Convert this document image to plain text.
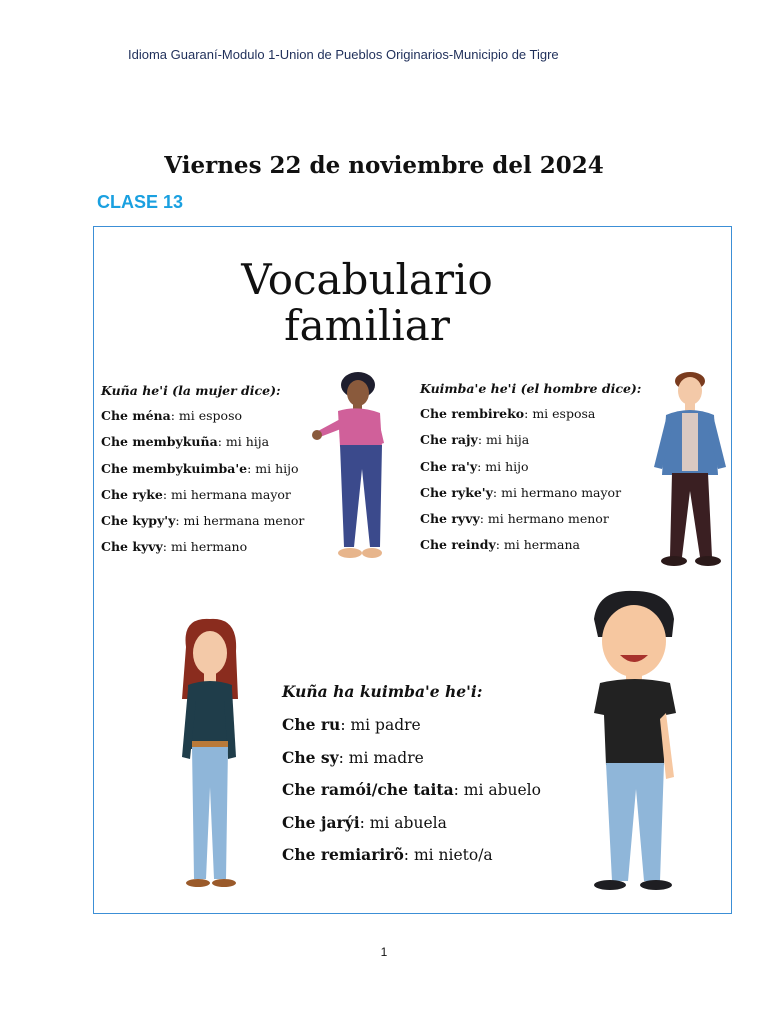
Idioma Guaraní-Modulo 1-Union de Pueblos Originarios-Municipio de Tigre
Viernes 22 de noviembre del 2024
CLASE 13
Vocabulario
familiar
Kuña he'i (la mujer dice):
Che ména: mi esposo
Che membykuña: mi hija
Che membykuimba'e: mi hijo
Che ryke: mi hermana mayor
Che kypy'y: mi hermana menor
Che kyvy: mi hermano
Kuimba'e he'i (el hombre dice):
Che rembireko: mi esposa
Che rajy: mi hija
Che ra'y: mi hijo
Che ryke'y: mi hermano mayor
Che ryvy: mi hermano menor
Che reindy: mi hermana
Kuña ha kuimba'e he'i:
Che ru: mi padre
Che sy: mi madre
Che ramói/che taita: mi abuelo
Che jarýi: mi abuela
Che remiarirõ: mi nieto/a
1
